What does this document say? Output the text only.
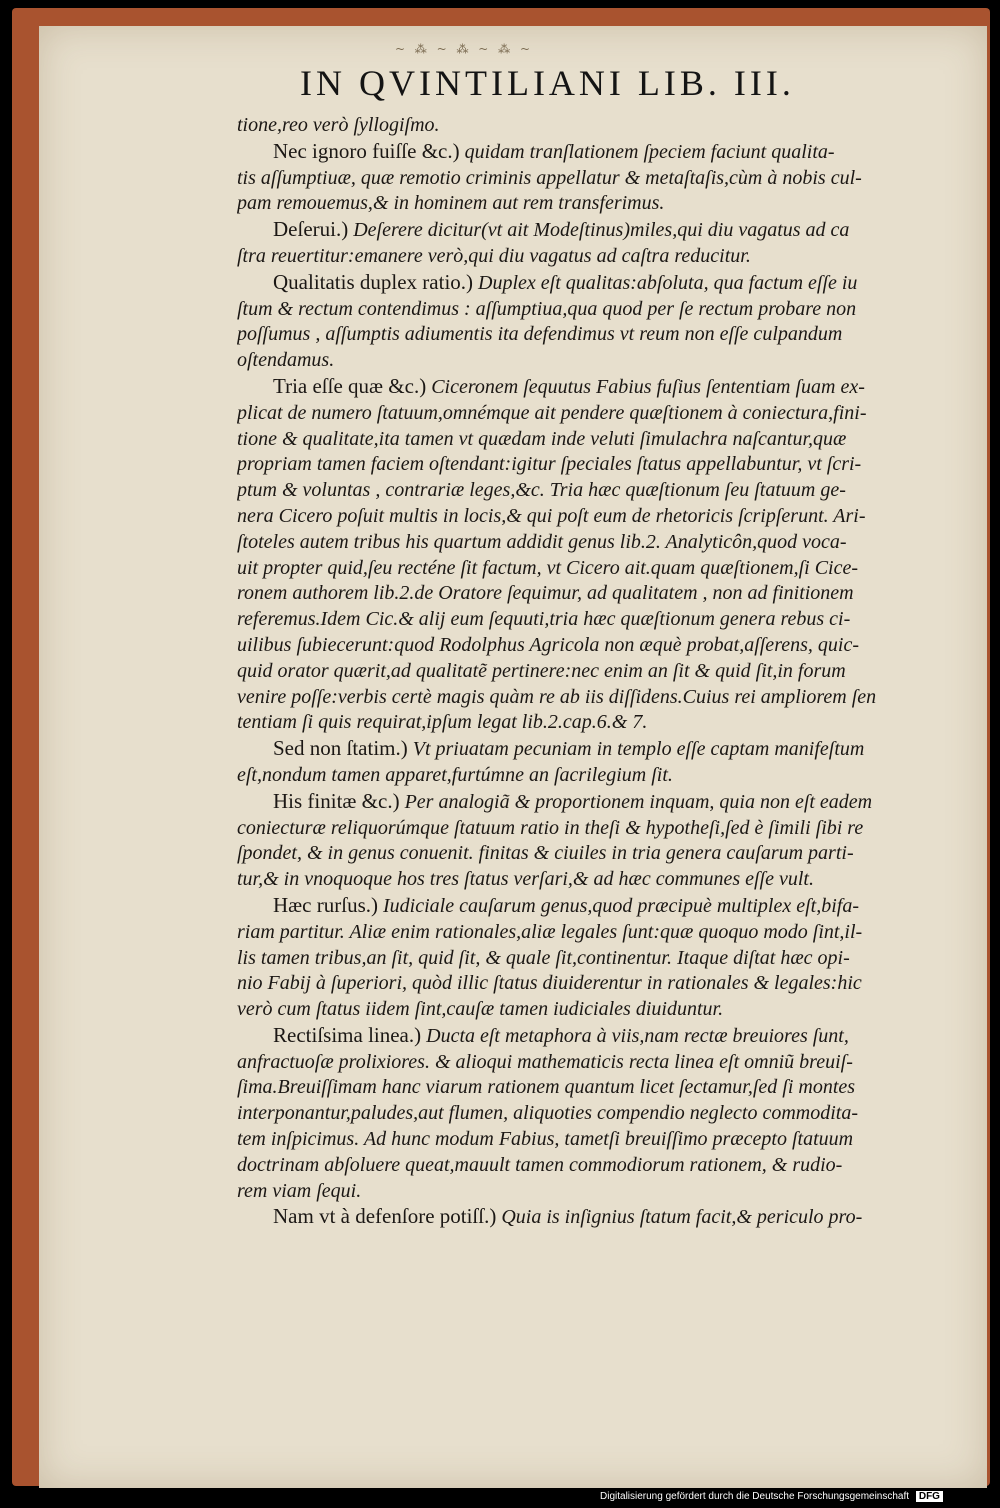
~ ⁂ ~ ⁂ ~ ⁂ ~
IN QVINTILIANI LIB. III.
tione,reo verò ſyllogiſmo.
Nec ignoro fuiſſe &c.) quidam tranſlationem ſpeciem faciunt qualita-
tis aſſumptiuæ, quæ remotio criminis appellatur & metaſtaſis,cùm à nobis cul-
pam remouemus,& in hominem aut rem transferimus.
Deſerui.) Deſerere dicitur(vt ait Modeſtinus)miles,qui diu vagatus ad ca
ſtra reuertitur:emanere verò,qui diu vagatus ad caſtra reducitur.
Qualitatis duplex ratio.) Duplex eſt qualitas:abſoluta, qua factum eſſe iu
ſtum & rectum contendimus : aſſumptiua,qua quod per ſe rectum probare non
poſſumus , aſſumptis adiumentis ita defendimus vt reum non eſſe culpandum
oſtendamus.
Tria eſſe quæ &c.) Ciceronem ſequutus Fabius fuſius ſententiam ſuam ex-
plicat de numero ſtatuum,omnémque ait pendere quæſtionem à coniectura,fini-
tione & qualitate,ita tamen vt quædam inde veluti ſimulachra naſcantur,quæ
propriam tamen faciem oſtendant:igitur ſpeciales ſtatus appellabuntur, vt ſcri-
ptum & voluntas , contrariæ leges,&c. Tria hæc quæſtionum ſeu ſtatuum ge-
nera Cicero poſuit multis in locis,& qui poſt eum de rhetoricis ſcripſerunt. Ari-
ſtoteles autem tribus his quartum addidit genus lib.2. Analyticôn,quod voca-
uit propter quid,ſeu recténe ſit factum, vt Cicero ait.quam quæſtionem,ſi Cice-
ronem authorem lib.2.de Oratore ſequimur, ad qualitatem , non ad finitionem
referemus.Idem Cic.& alij eum ſequuti,tria hæc quæſtionum genera rebus ci-
uilibus ſubiecerunt:quod Rodolphus Agricola non æquè probat,aſſerens, quic-
quid orator quærit,ad qualitatẽ pertinere:nec enim an ſit & quid ſit,in forum
venire poſſe:verbis certè magis quàm re ab iis diſſidens.Cuius rei ampliorem ſen
tentiam ſi quis requirat,ipſum legat lib.2.cap.6.& 7.
Sed non ſtatim.) Vt priuatam pecuniam in templo eſſe captam manifeſtum
eſt,nondum tamen apparet,furtúmne an ſacrilegium ſit.
His finitæ &c.) Per analogiã & proportionem inquam, quia non eſt eadem
coniecturæ reliquorúmque ſtatuum ratio in theſi & hypotheſi,ſed è ſimili ſibi re
ſpondet, & in genus conuenit. finitas & ciuiles in tria genera cauſarum parti-
tur,& in vnoquoque hos tres ſtatus verſari,& ad hæc communes eſſe vult.
Hæc rurſus.) Iudiciale cauſarum genus,quod præcipuè multiplex eſt,bifa-
riam partitur. Aliæ enim rationales,aliæ legales ſunt:quæ quoquo modo ſint,il-
lis tamen tribus,an ſit, quid ſit, & quale ſit,continentur. Itaque diſtat hæc opi-
nio Fabij à ſuperiori, quòd illic ſtatus diuiderentur in rationales & legales:hic
verò cum ſtatus iidem ſint,cauſæ tamen iudiciales diuiduntur.
Rectiſsima linea.) Ducta eſt metaphora à viis,nam rectæ breuiores ſunt,
anfractuoſæ prolixiores. & alioqui mathematicis recta linea eſt omniũ breuiſ-
ſima.Breuiſſimam hanc viarum rationem quantum licet ſectamur,ſed ſi montes
interponantur,paludes,aut flumen, aliquoties compendio neglecto commodita-
tem inſpicimus. Ad hunc modum Fabius, tametſi breuiſſimo præcepto ſtatuum
doctrinam abſoluere queat,mauult tamen commodiorum rationem, & rudio-
rem viam ſequi.
Nam vt à defenſore potiſſ.) Quia is inſignius ſtatum facit,& periculo pro-
Digitalisierung gefördert durch die Deutsche Forschungsgemeinschaft DFG
